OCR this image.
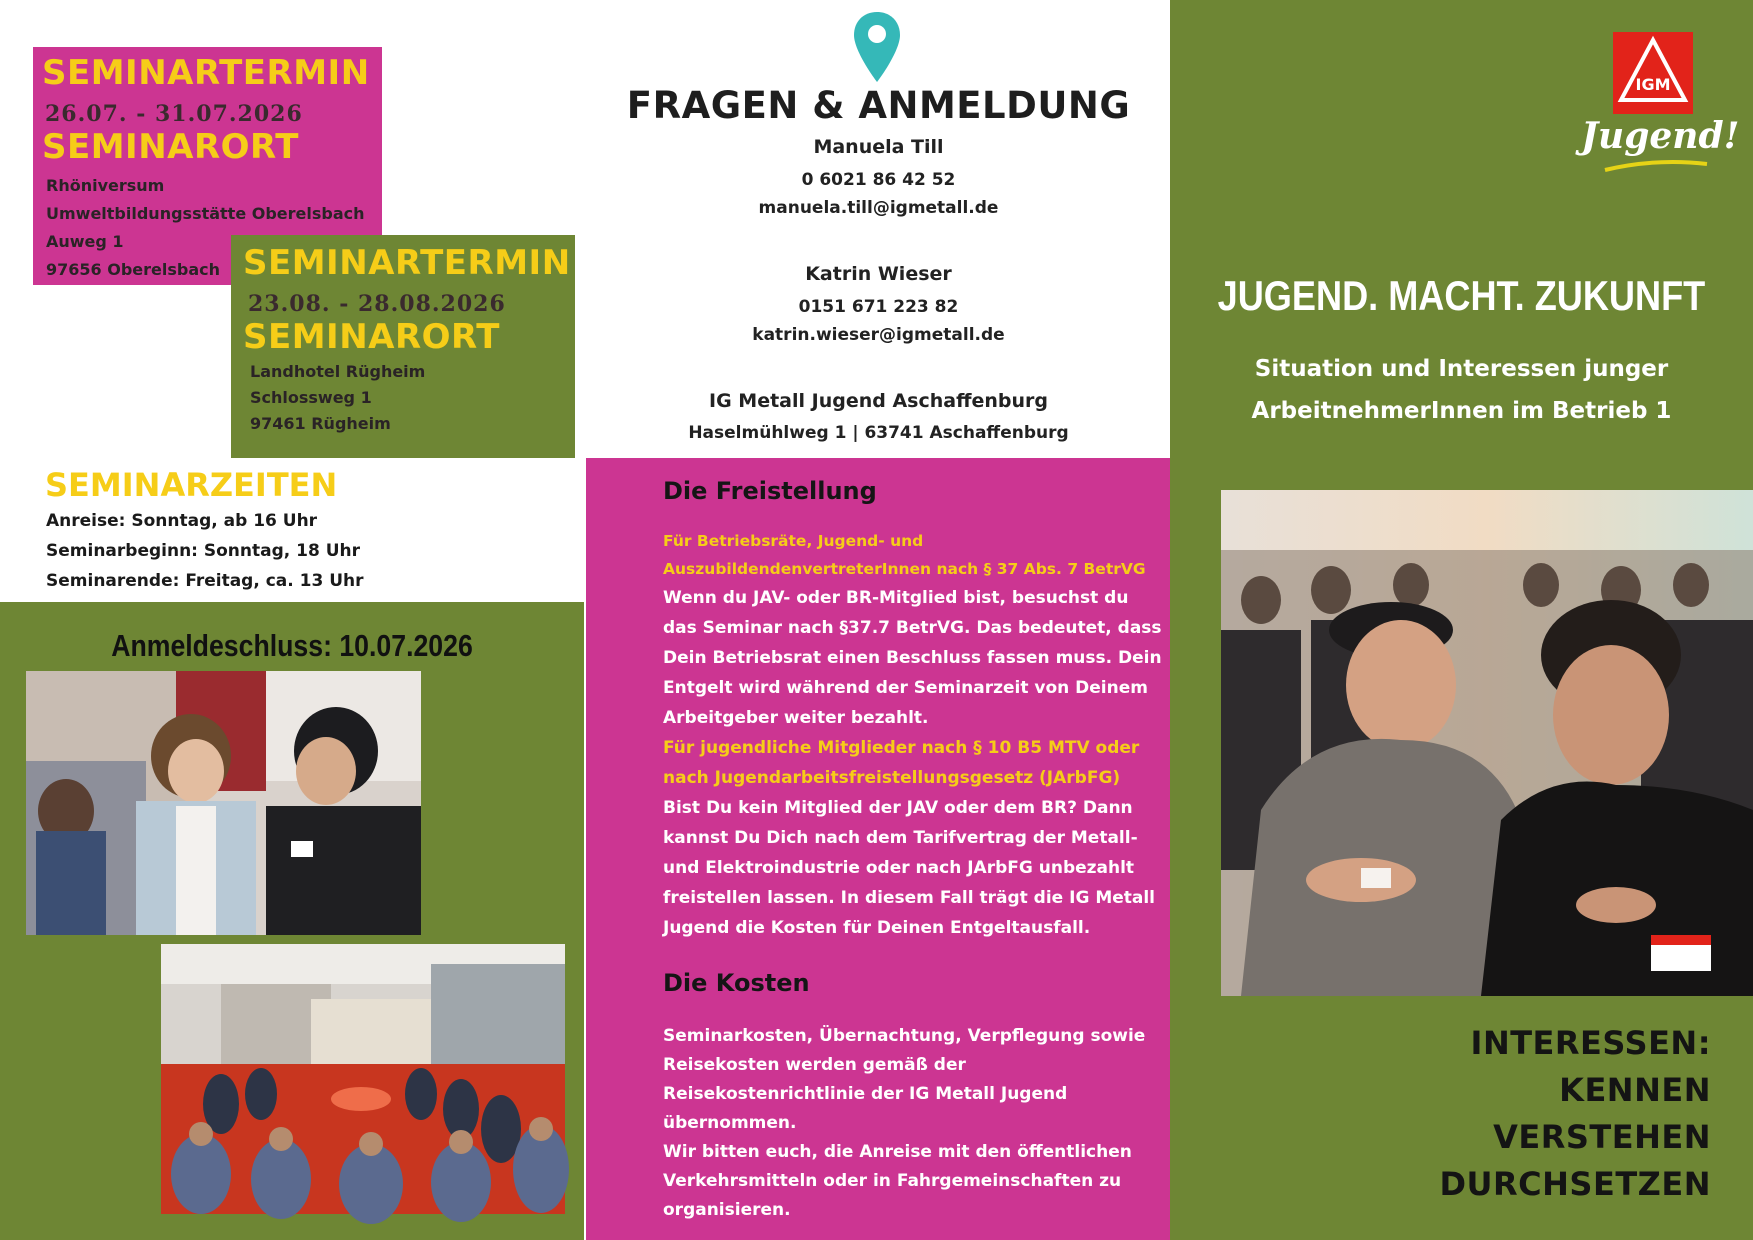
SEMINARTERMIN
26.07. - 31.07.2026
SEMINARORT
Rhöniversum
Umweltbildungsstätte Oberelsbach
Auweg 1
97656 Oberelsbach SEMINARTERMIN
23.08. - 28.08.2026
SEMINARORT
Landhotel Rügheim
Schlossweg 1
97461 Rügheim
SEMINARZEITEN
Anreise: Sonntag, ab 16 Uhr
Seminarbeginn: Sonntag, 18 Uhr
Seminarende: Freitag, ca. 13 Uhr
Anmeldeschluss: 10.07.2026
FRAGEN & ANMELDUNG
Manuela Till
0 6021 86 42 52
manuela.till@igmetall.de
Katrin Wieser
0151 671 223 82
katrin.wieser@igmetall.de
IG Metall Jugend Aschaffenburg
Haselmühlweg 1 | 63741 Aschaffenburg
Die Freistellung
Für Betriebsräte, Jugend- und
AuszubildendenvertreterInnen nach § 37 Abs. 7 BetrVG
Wenn du JAV- oder BR-Mitglied bist, besuchst du
das Seminar nach §37.7 BetrVG. Das bedeutet, dass
Dein Betriebsrat einen Beschluss fassen muss. Dein
Entgelt wird während der Seminarzeit von Deinem
Arbeitgeber weiter bezahlt.
Für jugendliche Mitglieder nach § 10 B5 MTV oder
nach Jugendarbeitsfreistellungsgesetz (JArbFG)
Bist Du kein Mitglied der JAV oder dem BR? Dann
kannst Du Dich nach dem Tarifvertrag der Metall-
und Elektroindustrie oder nach JArbFG unbezahlt
freistellen lassen. In diesem Fall trägt die IG Metall
Jugend die Kosten für Deinen Entgeltausfall.
Die Kosten
Seminarkosten, Übernachtung, Verpflegung sowie
Reisekosten werden gemäß der
Reisekostenrichtlinie der IG Metall Jugend
übernommen.
Wir bitten euch, die Anreise mit den öffentlichen
Verkehrsmitteln oder in Fahrgemeinschaften zu
organisieren.
IGM
Jugend!
JUGEND. MACHT. ZUKUNFT
Situation und Interessen junger
ArbeitnehmerInnen im Betrieb 1
INTERESSEN:
KENNEN
VERSTEHEN
DURCHSETZEN
